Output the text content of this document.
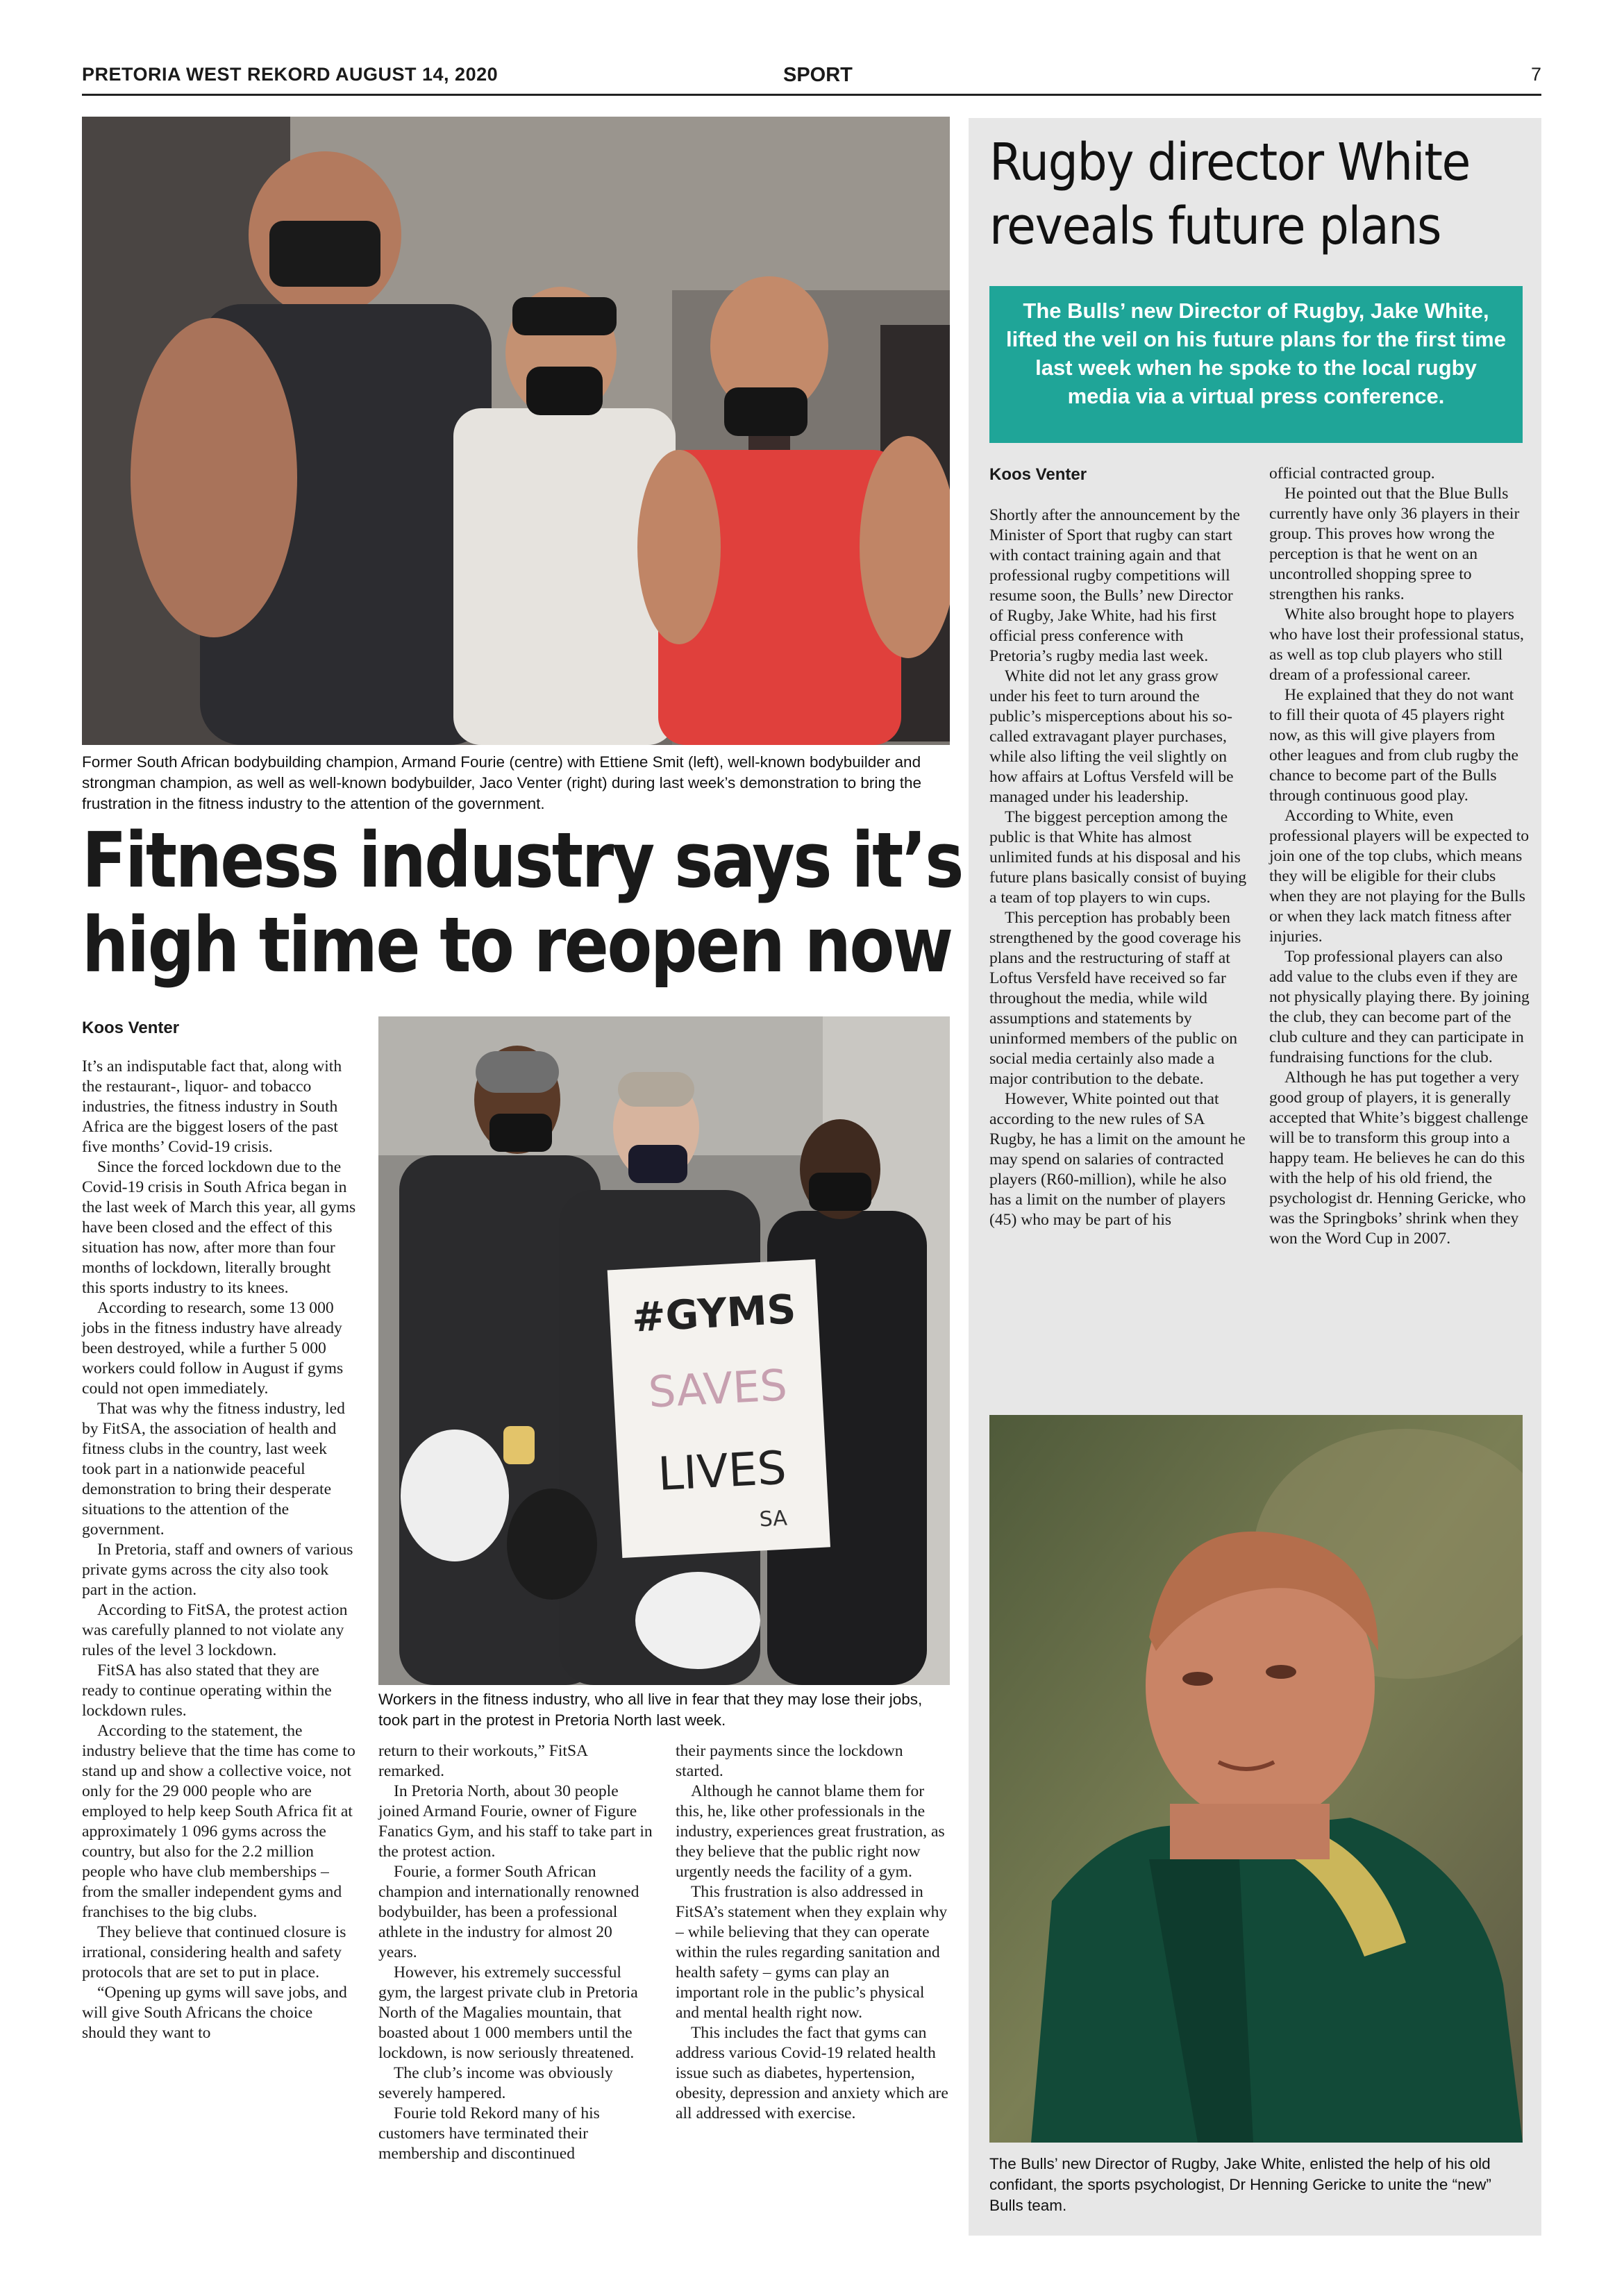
PRETORIA WEST REKORD AUGUST 14, 2020	SPORT	7
Former South African bodybuilding champion, Armand Fourie (centre) with Ettiene Smit (left), well-known bodybuilder and strongman champion, as well as well-known bodybuilder, Jaco Venter (right) during last week’s demonstration to bring the frustration in the fitness industry to the attention of the government.
Fitness industry says it’s
high time to reopen now
Koos Venter

It’s an indisputable fact that, along with the restaurant-, liquor- and tobacco industries, the fitness industry in South Africa are the biggest losers of the past five months’ Covid-19 crisis.

Since the forced lockdown due to the Covid-19 crisis in South Africa began in the last week of March this year, all gyms have been closed and the effect of this situation has now, after more than four months of lockdown, literally brought this sports industry to its knees.

According to research, some 13 000 jobs in the fitness industry have already been destroyed, while a further 5 000 workers could follow in August if gyms could not open immediately.

That was why the fitness industry, led by FitSA, the association of health and fitness clubs in the country, last week took part in a nationwide peaceful demonstration to bring their desperate situations to the attention of the government.

In Pretoria, staff and owners of various private gyms across the city also took part in the action.

According to FitSA, the protest action was carefully planned to not violate any rules of the level 3 lockdown.

FitSA has also stated that they are ready to continue operating within the lockdown rules.

According to the statement, the industry believe that the time has come to stand up and show a collective voice, not only for the 29 000 people who are employed to help keep South Africa fit at approximately 1 096 gyms across the country, but also for the 2.2 million people who have club memberships – from the smaller independent gyms and franchises to the big clubs.

They believe that continued closure is irrational, considering health and safety protocols that are set to put in place.

“Opening up gyms will save jobs, and will give South Africans the choice should they want to

#GYMS
SAVES
LIVES
SA
Workers in the fitness industry, who all live in fear that they may lose their jobs, took part in the protest in Pretoria North last week.

return to their workouts,” FitSA remarked.

In Pretoria North, about 30 people joined Armand Fourie, owner of Figure Fanatics Gym, and his staff to take part in the protest action.

Fourie, a former South African champion and internationally renowned bodybuilder, has been a professional athlete in the industry for almost 20 years.

However, his extremely successful gym, the largest private club in Pretoria North of the Magalies mountain, that boasted about 1 000 members until the lockdown, is now seriously threatened.

The club’s income was obviously severely hampered.

Fourie told Rekord many of his customers have terminated their membership and discontinued

their payments since the lockdown started.

Although he cannot blame them for this, he, like other professionals in the industry, experiences great frustration, as they believe that the public right now urgently needs the facility of a gym.

This frustration is also addressed in FitSA’s statement when they explain why – while believing that they can operate within the rules regarding sanitation and health safety – gyms can play an important role in the public’s physical and mental health right now.

This includes the fact that gyms can address various Covid-19 related health issue such as diabetes, hypertension, obesity, depression and anxiety which are all addressed with exercise.

Rugby director White reveals future plans
The Bulls’ new Director of Rugby, Jake White, lifted the veil on his future plans for the first time last week when he spoke to the local rugby media via a virtual press conference.
Koos Venter

Shortly after the announcement by the Minister of Sport that rugby can start with contact training again and that professional rugby competitions will resume soon, the Bulls’ new Director of Rugby, Jake White, had his first official press conference with Pretoria’s rugby media last week.

White did not let any grass grow under his feet to turn around the public’s misperceptions about his so-called extravagant player purchases, while also lifting the veil slightly on how affairs at Loftus Versfeld will be managed under his leadership.

The biggest perception among the public is that White has almost unlimited funds at his disposal and his future plans basically consist of buying a team of top players to win cups.

This perception has probably been strengthened by the good coverage his plans and the restructuring of staff at Loftus Versfeld have received so far throughout the media, while wild assumptions and statements by uninformed members of the public on social media certainly also made a major contribution to the debate.

However, White pointed out that according to the new rules of SA Rugby, he has a limit on the amount he may spend on salaries of contracted players (R60-million), while he also has a limit on the number of players (45) who may be part of his

official contracted group.

He pointed out that the Blue Bulls currently have only 36 players in their group. This proves how wrong the perception is that he went on an uncontrolled shopping spree to strengthen his ranks.

White also brought hope to players who have lost their professional status, as well as top club players who still dream of a professional career.

He explained that they do not want to fill their quota of 45 players right now, as this will give players from other leagues and from club rugby the chance to become part of the Bulls through continuous good play.

According to White, even professional players will be expected to join one of the top clubs, which means they will be eligible for their clubs when they are not playing for the Bulls or when they lack match fitness after injuries.

Top professional players can also add value to the clubs even if they are not physically playing there. By joining the club, they can become part of the club culture and they can participate in fundraising functions for the club.

Although he has put together a very good group of players, it is generally accepted that White’s biggest challenge will be to transform this group into a happy team. He believes he can do this with the help of his old friend, the psychologist dr. Henning Gericke, who was the Springboks’ shrink when they won the Word Cup in 2007.

The Bulls’ new Director of Rugby, Jake White, enlisted the help of his old confidant, the sports psychologist, Dr Henning Gericke to unite the “new” Bulls team.
